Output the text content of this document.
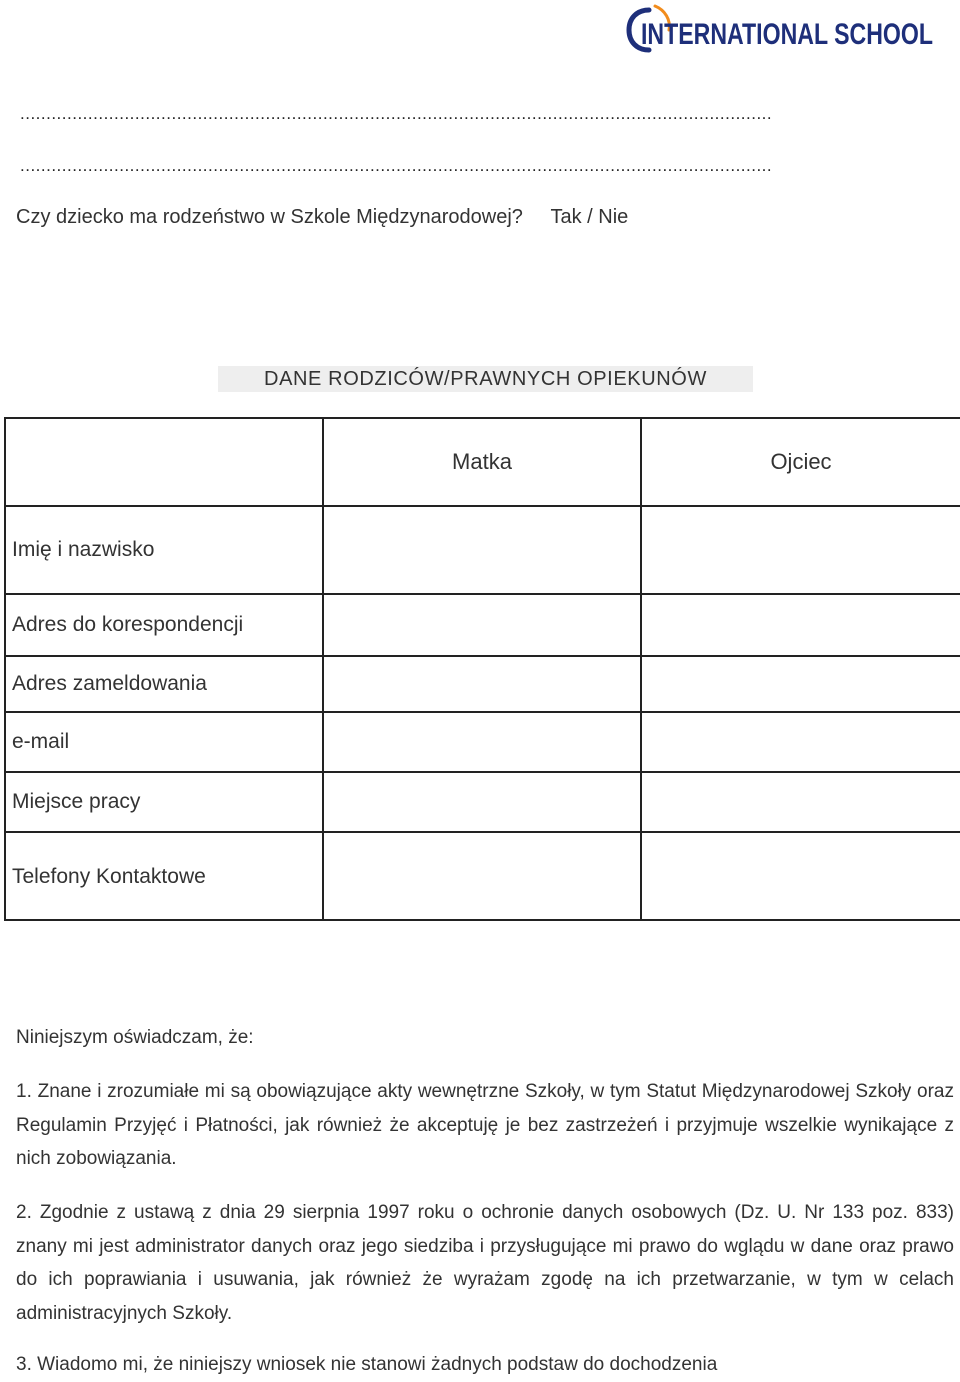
INTERNATIONAL SCHOOL
................................................................................................................................................
................................................................................................................................................
Czy dziecko ma rodzeństwo w Szkole Międzynarodowej? Tak / Nie
DANE RODZICÓW/PRAWNYCH OPIEKUNÓW
	Matka	Ojciec
Imię i nazwisko		
Adres do korespondencji		
Adres zameldowania		
e-mail		
Miejsce pracy		
Telefony Kontaktowe		
Niniejszym oświadczam, że:

1. Znane i zrozumiałe mi są obowiązujące akty wewnętrzne Szkoły, w tym Statut Międzynarodowej Szkoły oraz Regulamin Przyjęć i Płatności, jak również że akceptuję je bez zastrzeżeń i przyjmuje wszelkie wynikające z nich zobowiązania.

2. Zgodnie z ustawą z dnia 29 sierpnia 1997 roku o ochronie danych osobowych (Dz. U. Nr 133 poz. 833) znany mi jest administrator danych oraz jego siedziba i przysługujące mi prawo do wglądu w dane oraz prawo do ich poprawiania i usuwania, jak również że wyrażam zgodę na ich przetwarzanie, w tym w celach administracyjnych Szkoły.

3. Wiadomo mi, że niniejszy wniosek nie stanowi żadnych podstaw do dochodzenia
